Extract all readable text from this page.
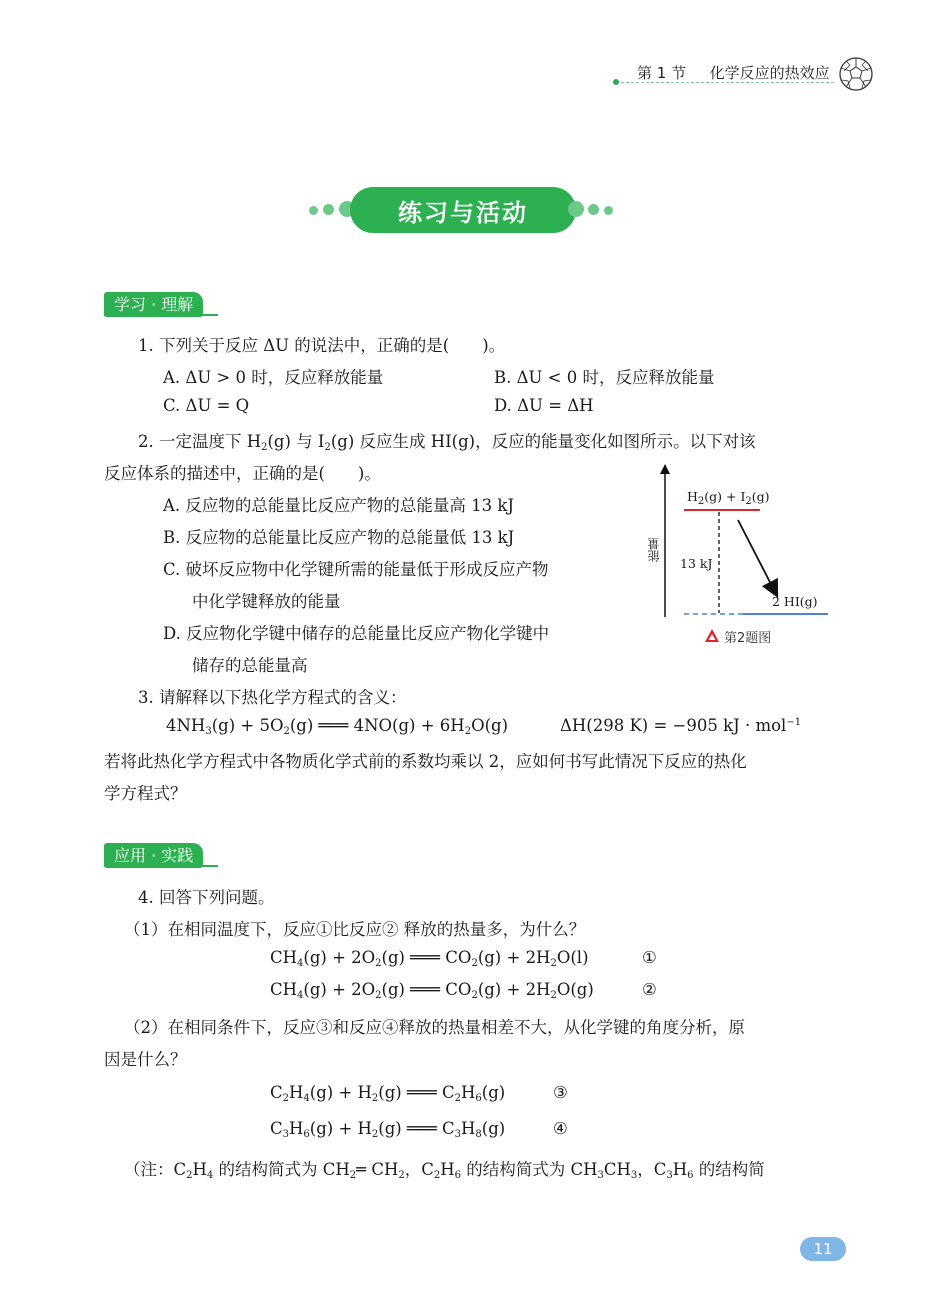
第 1 节 化学反应的热效应
练习与活动
学习 · 理解
1. 下列关于反应 ΔU 的说法中，正确的是(　　)。
A. ΔU > 0 时，反应释放能量	B. ΔU < 0 时，反应释放能量
C. ΔU = Q	D. ΔU = ΔH
2. 一定温度下 $H_2(g)$ 与 $I_2(g)$ 反应生成 HI(g)，反应的能量变化如图所示。以下对该
反应体系的描述中，正确的是(　　)。
A. 反应物的总能量比反应产物的总能量高 13 kJ
B. 反应物的总能量比反应产物的总能量低 13 kJ
C. 破坏反应物中化学键所需的能量低于形成反应产物
中化学键释放的能量
D. 反应物化学键中储存的总能量比反应产物化学键中
储存的总能量高
$H_2(g) + I_2(g)$
2 HI(g)
13 kJ
能量
第2题图
3. 请解释以下热化学方程式的含义：
$4NH_3(g) + 5O_2(g)$ ═══ $4NO(g) + 6H_2O(g)$	ΔH(298 K) = −905 kJ · mol$^{-1}$
若将此热化学方程式中各物质化学式前的系数均乘以 2，应如何书写此情况下反应的热化
学方程式？
应用 · 实践
4. 回答下列问题。
（1）在相同温度下，反应①比反应② 释放的热量多，为什么？
$CH_4(g) + 2O_2(g)$ ═══ $CO_2(g) + 2H_2O(l)$	①
$CH_4(g) + 2O_2(g)$ ═══ $CO_2(g) + 2H_2O(g)$	②
（2）在相同条件下，反应③和反应④释放的热量相差不大，从化学键的角度分析，原
因是什么？
$C_2H_4(g) + H_2(g)$ ═══ $C_2H_6(g)$	③
$C_3H_6(g) + H_2(g)$ ═══ $C_3H_8(g)$	④
（注：$C_2H_4$ 的结构简式为 $CH_2═$ $CH_2$，$C_2H_6$ 的结构简式为 $CH_3CH_3$，$C_3H_6$ 的结构简
11
